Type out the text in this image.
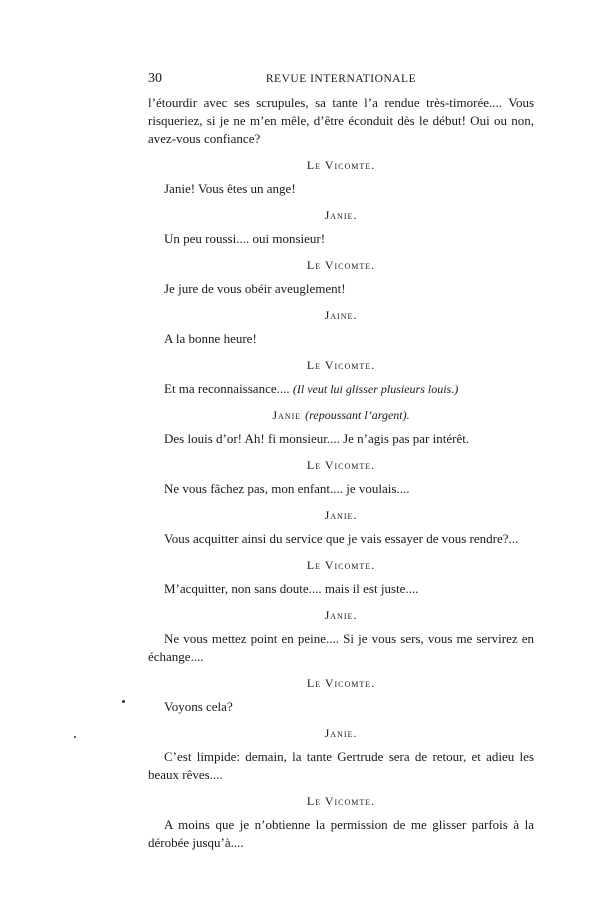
30	REVUE INTERNATIONALE

l’étourdir avec ses scrupules, sa tante l’a rendue très-timorée.... Vous risqueriez, si je ne m’en mêle, d’être éconduit dès le début! Oui ou non, avez-vous confiance?

Le Vicomte.

Janie! Vous êtes un ange!

Janie.

Un peu roussi.... oui monsieur!

Le Vicomte.

Je jure de vous obéir aveuglement!

Jaine.

A la bonne heure!

Le Vicomte.

Et ma reconnaissance.... (Il veut lui glisser plusieurs louis.)

Janie (repoussant l’argent).

Des louis d’or! Ah! fi monsieur.... Je n’agis pas par intérêt.

Le Vicomte.

Ne vous fâchez pas, mon enfant.... je voulais....

Janie.

Vous acquitter ainsi du service que je vais essayer de vous rendre?...

Le Vicomte.

M’acquitter, non sans doute.... mais il est juste....

Janie.

Ne vous mettez point en peine.... Si je vous sers, vous me servirez en échange....

Le Vicomte.

Voyons cela?

Janie.

C’est limpide: demain, la tante Gertrude sera de retour, et adieu les beaux rêves....

Le Vicomte.

A moins que je n’obtienne la permission de me glisser parfois à la dérobée jusqu’à....
